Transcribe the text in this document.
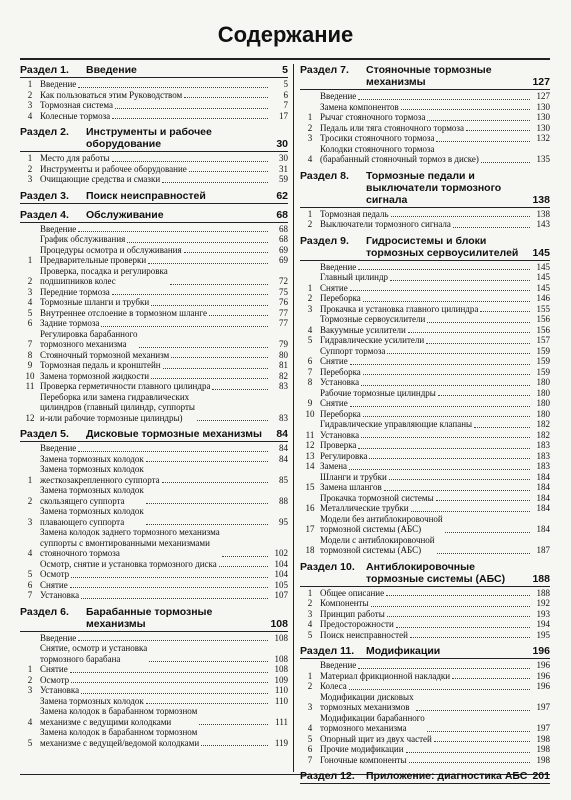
Содержание
Раздел 1.	Введение	5
1 Введение	5
2 Как пользоваться этим Руководством	6
3 Тормозная система	7
4 Колесные тормоза	17
Раздел 2.	Инструменты и рабочее оборудование	30
1 Место для работы	30
2 Инструменты и рабочее оборудование	31
3 Очищающие средства и смазки	59
Раздел 3.	Поиск неисправностей	62
Раздел 4.	Обслуживание	68
Введение	68
График обслуживания	68
Процедуры осмотра и обслуживания	69
1 Предварительные проверки	69
2
Проверка, посадка и регулировка
подшипников колес	72
3 Передние тормоза	75
4 Тормозные шланги и трубки	76
5 Внутреннее отслоение в тормозном шланге	77
6 Задние тормоза	77
7
Регулировка барабанного
тормозного механизма	79
8 Стояночный тормозной механизм	80
9 Тормозная педаль и кронштейн	81
10 Замена тормозной жидкости	82
11 Проверка герметичности главного цилиндра	83
12
Переборка или замена гидравлических
цилиндров (главный цилиндр, суппорты
и-или рабочие тормозные цилиндры)	83
Раздел 5.	Дисковые тормозные механизмы	84
Введение	84
Замена тормозных колодок	84
1
Замена тормозных колодок
жесткозакрепленного суппорта	85
2
Замена тормозных колодок
скользящего суппорта	88
3
Замена тормозных колодок
плавающего суппорта	95
4
Замена колодок заднего тормозного механизма
суппорты с вмонтированными механизмами
стояночного тормоза	102
Осмотр, снятие и установка тормозного диска	104
5 Осмотр	104
6 Снятие	105
7 Установка	107
Раздел 6.	Барабанные тормозные механизмы	108
Введение	108
Снятие, осмотр и установка
тормозного барабана	108
1 Снятие	108
2 Осмотр	109
3 Установка	110
Замена тормозных колодок	110
4
Замена колодок в барабанном тормозном
механизме с ведущими колодками	111
5
Замена колодок в барабанном тормозном
механизме с ведущей/ведомой колодками	119
Раздел 7.	Стояночные тормозные механизмы	127
Введение	127
Замена компонентов	130
1 Рычаг стояночного тормоза	130
2 Педаль или тяга стояночного тормоза	130
3 Тросики стояночного тормоза	132
4
Колодки стояночного тормоза
(барабанный стояночный тормоз в диске)	135
Раздел 8.	Тормозные педали и выключатели тормозного сигнала	138
1 Тормозная педаль	138
2 Выключатели тормозного сигнала	143
Раздел 9.	Гидросистемы и блоки тормозных сервоусилителей	145
Введение	145
Главный цилиндр	145
1 Снятие	145
2 Переборка	146
3 Прокачка и установка главного цилиндра	155
Тормозные сервоусилители	156
4 Вакуумные усилители	156
5 Гидравлические усилители	157
Суппорт тормоза	159
6 Снятие	159
7 Переборка	159
8 Установка	180
Рабочие тормозные цилиндры	180
9 Снятие	180
10 Переборка	180
Гидравлические управляющие клапаны	182
11 Установка	182
12 Проверка	183
13 Регулировка	183
14 Замена	183
Шланги и трубки	184
15 Замена шлангов	184
Прокачка тормозной системы	184
16 Металлические трубки	184
17
Модели без антиблокировочной
тормозной системы (АБС)	184
18
Модели с антиблокировочной
тормозной системы (АБС)	187
Раздел 10.	Антиблокировочные тормозные системы (АБС)	188
1 Общее описание	188
2 Компоненты	192
3 Принцип работы	193
4 Предосторожности	194
5 Поиск неисправностей	195
Раздел 11.	Модификации	196
Введение	196
1 Материал фрикционной накладки	196
2 Колеса	196
3
Модификации дисковых
тормозных механизмов	197
4
Модификации барабанного
тормозного механизма	197
5 Опорный щит из двух частей	198
6 Прочие модификации	198
7 Гоночные компоненты	198
Раздел 12.	Приложение: диагностика АБС 201
